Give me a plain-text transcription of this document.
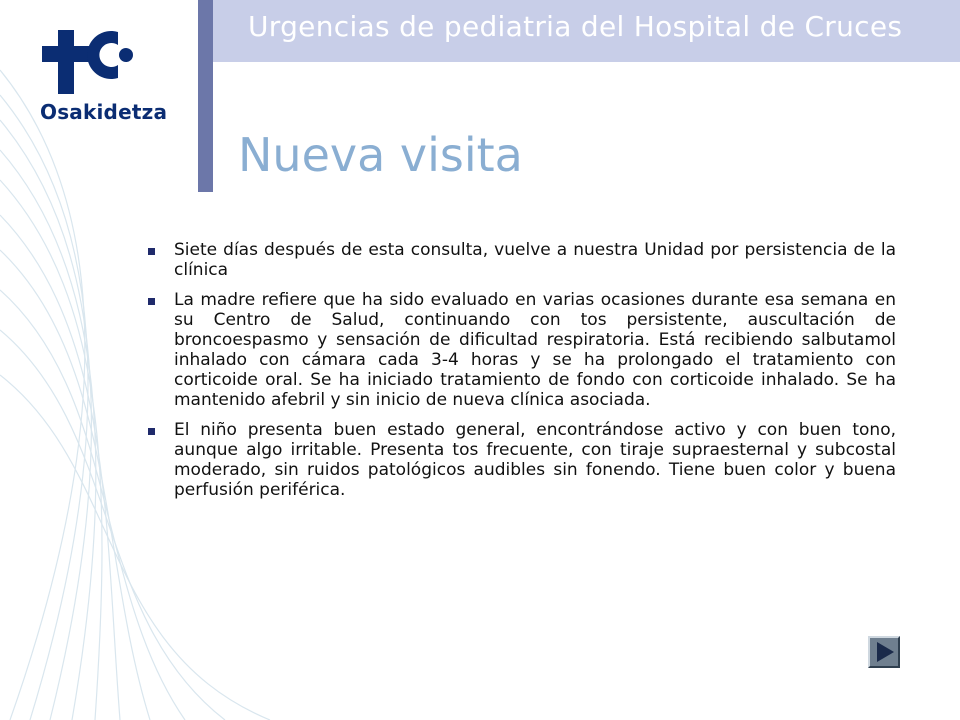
Osakidetza
Urgencias de pediatria del Hospital de Cruces
Nueva visita
Siete días después de esta consulta, vuelve a nuestra Unidad por persistencia de la clínica
La madre refiere que ha sido evaluado en varias ocasiones durante esa semana en su Centro de Salud, continuando con tos persistente, auscultación de broncoespasmo y sensación de dificultad respiratoria. Está recibiendo salbutamol inhalado con cámara cada 3-4 horas y se ha prolongado el tratamiento con corticoide oral. Se ha iniciado tratamiento de fondo con corticoide inhalado. Se ha mantenido afebril y sin inicio de nueva clínica asociada.
El niño presenta buen estado general, encontrándose activo y con buen tono, aunque algo irritable. Presenta tos frecuente, con tiraje supraesternal y subcostal moderado, sin ruidos patológicos audibles sin fonendo. Tiene buen color y buena perfusión periférica.
